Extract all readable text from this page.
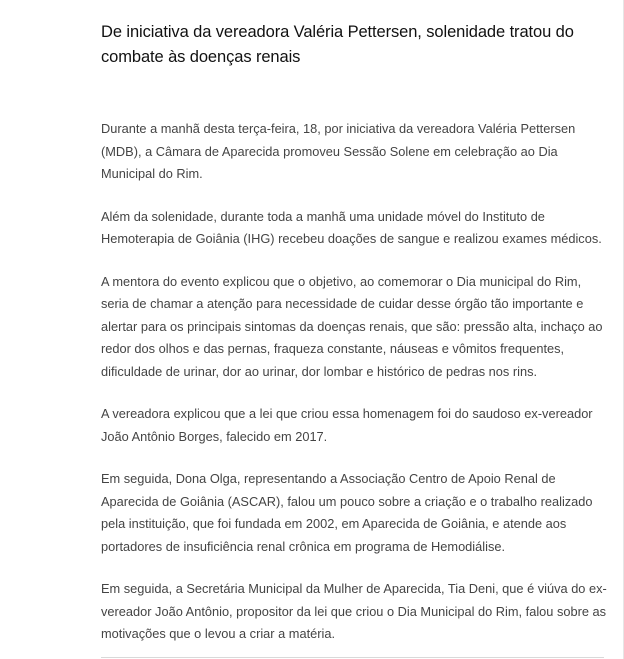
De iniciativa da vereadora Valéria Pettersen, solenidade tratou do combate às doenças renais

Durante a manhã desta terça-feira, 18, por iniciativa da vereadora Valéria Pettersen (MDB), a Câmara de Aparecida promoveu Sessão Solene em celebração ao Dia Municipal do Rim.

Além da solenidade, durante toda a manhã uma unidade móvel do Instituto de Hemoterapia de Goiânia (IHG) recebeu doações de sangue e realizou exames médicos.

A mentora do evento explicou que o objetivo, ao comemorar o Dia municipal do Rim, seria de chamar a atenção para necessidade de cuidar desse órgão tão importante e alertar para os principais sintomas da doenças renais, que são: pressão alta, inchaço ao redor dos olhos e das pernas, fraqueza constante, náuseas e vômitos frequentes, dificuldade de urinar, dor ao urinar, dor lombar e histórico de pedras nos rins.

A vereadora explicou que a lei que criou essa homenagem foi do saudoso ex-vereador João Antônio Borges, falecido em 2017.

Em seguida, Dona Olga, representando a Associação Centro de Apoio Renal de Aparecida de Goiânia (ASCAR), falou um pouco sobre a criação e o trabalho realizado pela instituição, que foi fundada em 2002, em Aparecida de Goiânia, e atende aos portadores de insuficiência renal crônica em programa de Hemodiálise.

Em seguida, a Secretária Municipal da Mulher de Aparecida, Tia Deni, que é viúva do ex-vereador João Antônio, propositor da lei que criou o Dia Municipal do Rim, falou sobre as motivações que o levou a criar a matéria.
